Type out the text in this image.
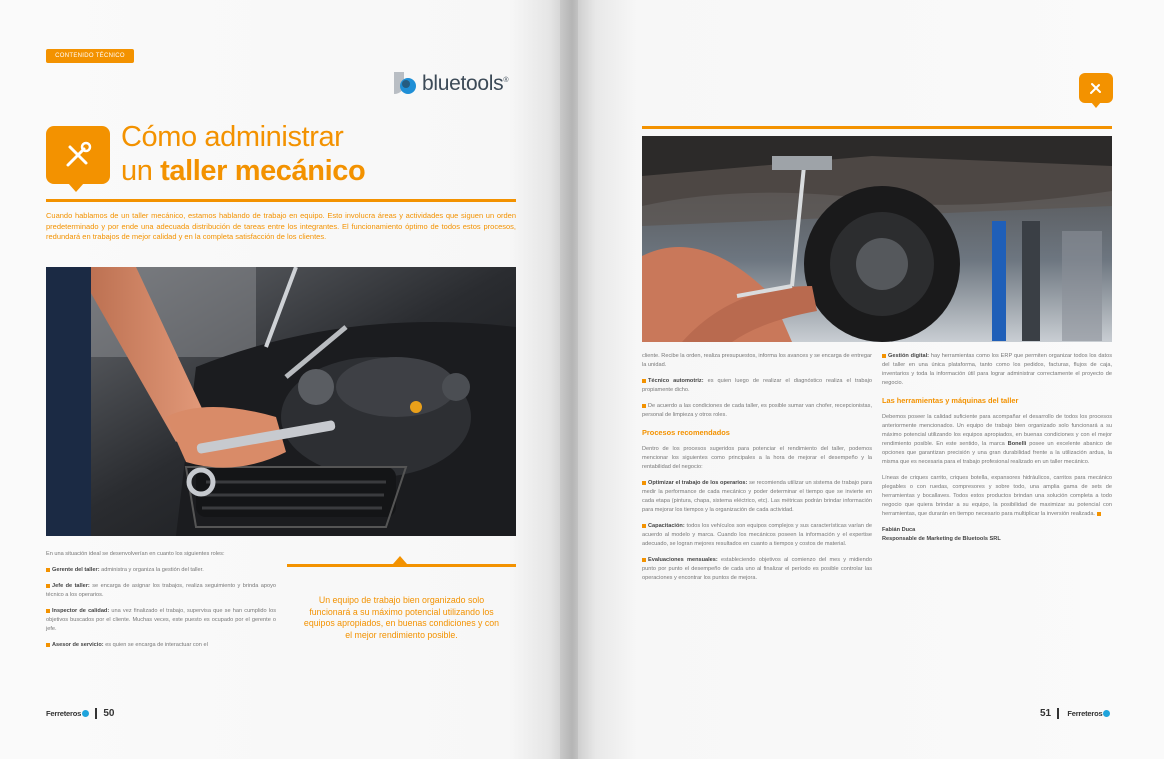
CONTENIDO TÉCNICO
bluetools®
Cómo administrar
un taller mecánico
Cuando hablamos de un taller mecánico, estamos hablando de trabajo en equipo. Esto involucra áreas y actividades que siguen un orden predeterminado y por ende una adecuada distribución de tareas entre los integrantes. El funcionamiento óptimo de todos estos procesos, redundará en trabajos de mejor calidad y en la completa satisfacción de los clientes.

En una situación ideal se desenvolverían en cuanto los siguientes roles:

Gerente del taller: administra y organiza la gestión del taller.

Jefe de taller: se encarga de asignar los trabajos, realiza seguimiento y brinda apoyo técnico a los operarios.

Inspector de calidad: una vez finalizado el trabajo, supervisa que se han cumplido los objetivos buscados por el cliente. Muchas veces, este puesto es ocupado por el gerente o jefe.

Asesor de servicio: es quien se encarga de interactuar con el

Un equipo de trabajo bien organizado solo funcionará a su máximo potencial utilizando los equipos apropiados, en buenas condiciones y con el mejor rendimiento posible.
Ferreteros 50

cliente. Recibe la orden, realiza presupuestos, informa los avances y se encarga de entregar la unidad.

Técnico automotriz: es quien luego de realizar el diagnóstico realiza el trabajo propiamente dicho.

De acuerdo a las condiciones de cada taller, es posible sumar van chofer, recepcionistas, personal de limpieza y otros roles.

Procesos recomendados

Dentro de los procesos sugeridos para potenciar el rendimiento del taller, podemos mencionar los siguientes como principales a la hora de mejorar el desempeño y la rentabilidad del negocio:

Optimizar el trabajo de los operarios: se recomienda utilizar un sistema de trabajo para medir la performance de cada mecánico y poder determinar el tiempo que se invierte en cada etapa (pintura, chapa, sistema eléctrico, etc). Las métricas podrán brindar información para mejorar los tiempos y la organización de cada actividad.

Capacitación: todos los vehículos son equipos complejos y sus características varían de acuerdo al modelo y marca. Cuando los mecánicos poseen la información y el expertise adecuado, se logran mejores resultados en cuanto a tiempos y costos de material.

Evaluaciones mensuales: estableciendo objetivos al comienzo del mes y midiendo punto por punto el desempeño de cada uno al finalizar el período es posible controlar las operaciones y encontrar los puntos de mejora.

Gestión digital: hay herramientas como los ERP que permiten organizar todos los datos del taller en una única plataforma, tanto como los pedidos, facturas, flujos de caja, inventarios y toda la información útil para lograr administrar correctamente el proyecto de negocio.

Las herramientas y máquinas del taller

Debemos poseer la calidad suficiente para acompañar el desarrollo de todos los procesos anteriormente mencionados. Un equipo de trabajo bien organizado solo funcionará a su máximo potencial utilizando los equipos apropiados, en buenas condiciones y con el mejor rendimiento posible. En este sentido, la marca Bonelli posee un excelente abanico de opciones que garantizan precisión y una gran durabilidad frente a la utilización ardua, la misma que es necesaria para el trabajo profesional realizado en un taller mecánico.

Líneas de criques carrito, criques botella, expansores hidráulicos, carritos para mecánico plegables o con ruedas, compresores y sobre todo, una amplia gama de sets de herramientas y bocallaves. Todos estos productos brindan una solución completa a todo negocio que quiera brindar a su equipo, la posibilidad de maximizar su potencial con herramientas, que durarán en tiempo necesario para multiplicar la inversión realizada.

Fabián Duca
Responsable de Marketing de Bluetools SRL

51 Ferreteros
